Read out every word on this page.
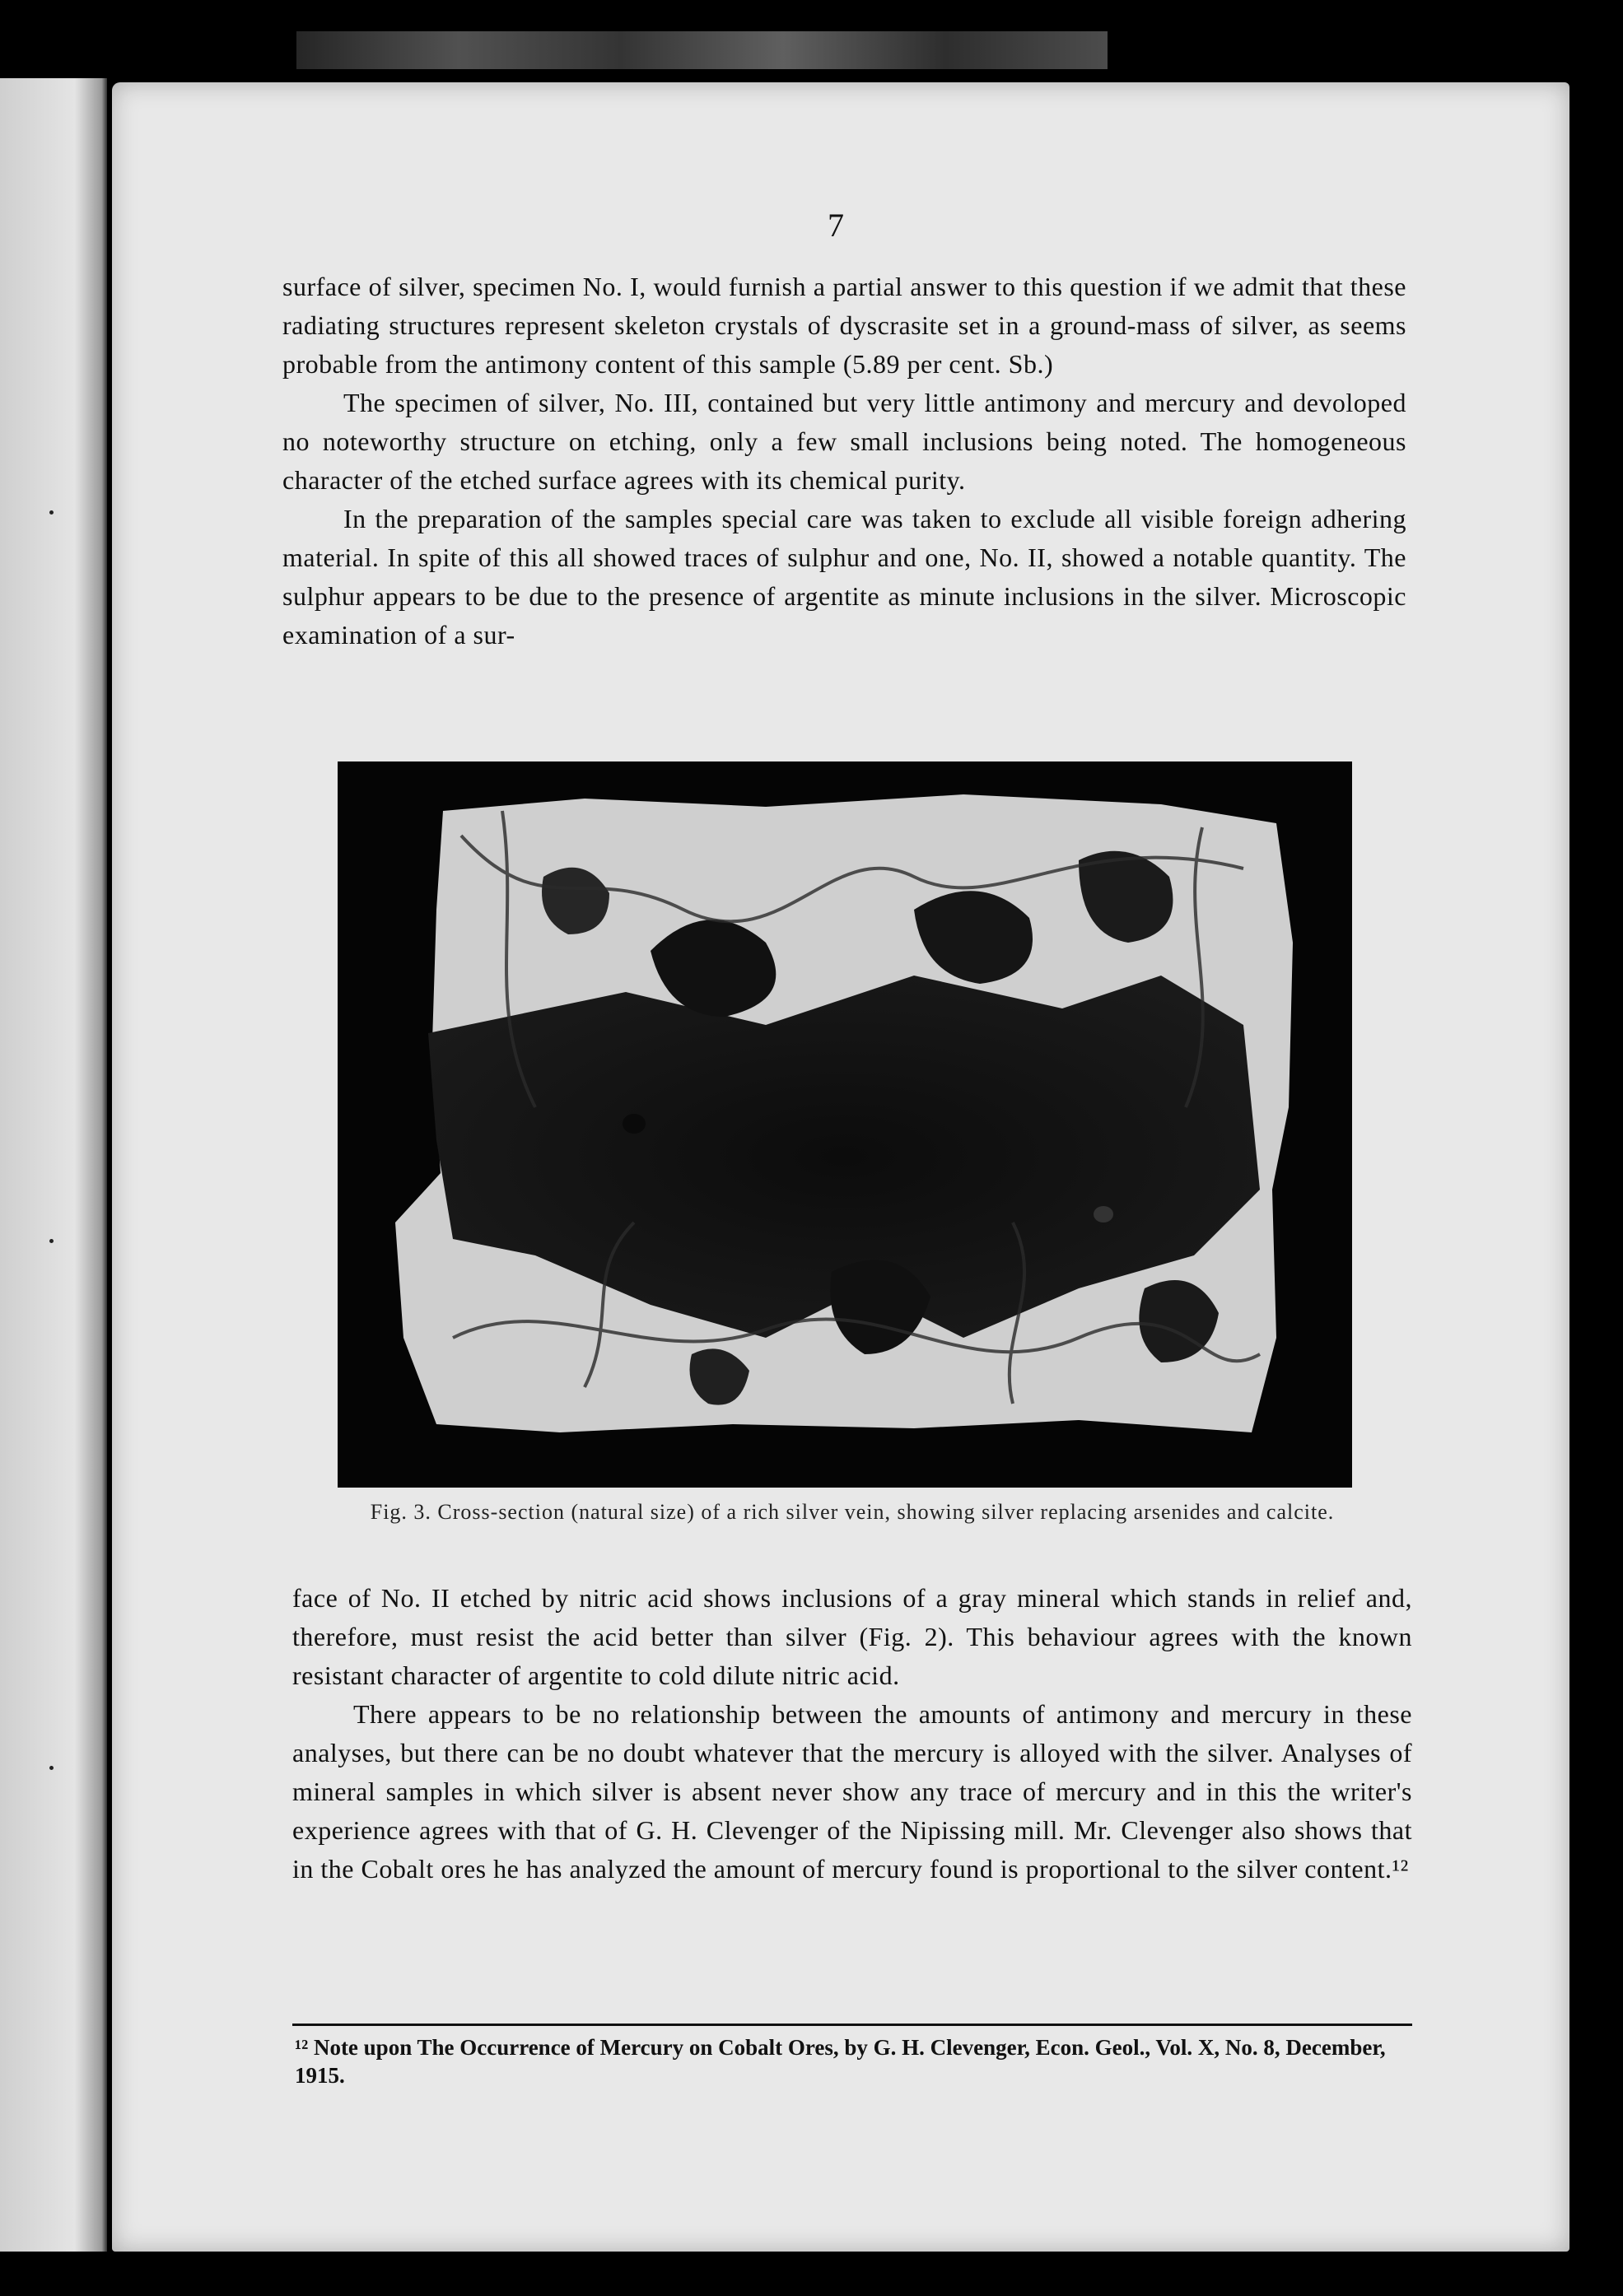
7

surface of silver, specimen No. I, would furnish a partial answer to this question if we admit that these radiating structures represent skeleton crystals of dyscrasite set in a ground-mass of silver, as seems probable from the antimony content of this sample (5.89 per cent. Sb.)

The specimen of silver, No. III, contained but very little antimony and mercury and devoloped no noteworthy structure on etching, only a few small inclusions being noted. The homogeneous character of the etched surface agrees with its chemical purity.

In the preparation of the samples special care was taken to exclude all visible foreign adhering material. In spite of this all showed traces of sulphur and one, No. II, showed a notable quantity. The sulphur appears to be due to the presence of argentite as minute inclusions in the silver. Microscopic examination of a sur-

Fig. 3. Cross-section (natural size) of a rich silver vein, showing silver replacing arsenides and calcite.

face of No. II etched by nitric acid shows inclusions of a gray mineral which stands in relief and, therefore, must resist the acid better than silver (Fig. 2). This behaviour agrees with the known resistant character of argentite to cold dilute nitric acid.

There appears to be no relationship between the amounts of antimony and mercury in these analyses, but there can be no doubt whatever that the mercury is alloyed with the silver. Analyses of mineral samples in which silver is absent never show any trace of mercury and in this the writer's experience agrees with that of G. H. Clevenger of the Nipissing mill. Mr. Clevenger also shows that in the Cobalt ores he has analyzed the amount of mercury found is proportional to the silver content.¹²

¹² Note upon The Occurrence of Mercury on Cobalt Ores, by G. H. Clevenger, Econ. Geol., Vol. X, No. 8, December, 1915.
